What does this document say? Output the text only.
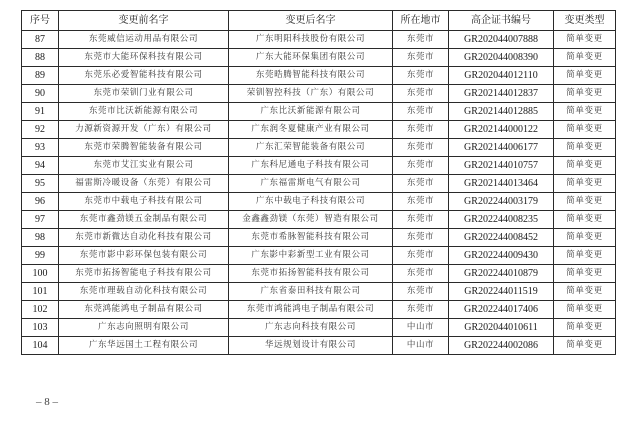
序号	变更前名字	变更后名字	所在地市	高企证书编号	变更类型
87	东莞威信运动用品有限公司	广东明阳科技股份有限公司	东莞市	GR202044007888	简单变更
88	东莞市大能环保科技有限公司	广东大能环保集团有限公司	东莞市	GR202044008390	简单变更
89	东莞乐必爱智能科技有限公司	东莞晧腾智能科技有限公司	东莞市	GR202044012110	简单变更
90	东莞市荣钏门业有限公司	荣钏智控科技（广东）有限公司	东莞市	GR202144012837	简单变更
91	东莞市比沃新能源有限公司	广东比沃新能源有限公司	东莞市	GR202144012885	简单变更
92	力源新资源开发（广东）有限公司	广东润冬夏健康产业有限公司	东莞市	GR202144000122	简单变更
93	东莞市荣腾智能装备有限公司	广东汇荣智能装备有限公司	东莞市	GR202144006177	简单变更
94	东莞市艾江实业有限公司	广东科尼通电子科技有限公司	东莞市	GR202144010757	简单变更
95	福雷斯冷暖设备（东莞）有限公司	广东福雷斯电气有限公司	东莞市	GR202144013464	简单变更
96	东莞市中载电子科技有限公司	广东中载电子科技有限公司	东莞市	GR202244003179	简单变更
97	东莞市鑫劲镁五金制品有限公司	金鑫鑫劲镁（东莞）智造有限公司	东莞市	GR202244008235	简单变更
98	东莞市新微达自动化科技有限公司	东莞市希脉智能科技有限公司	东莞市	GR202244008452	简单变更
99	东莞市影中彩环保包装有限公司	广东影中彩新型工业有限公司	东莞市	GR202244009430	简单变更
100	东莞市拓扬智能电子科技有限公司	东莞市拓扬智能科技有限公司	东莞市	GR202244010879	简单变更
101	东莞市理载自动化科技有限公司	广东省泰田科技有限公司	东莞市	GR202244011519	简单变更
102	东莞鸿能鸿电子制品有限公司	东莞市鸿能鸿电子制品有限公司	东莞市	GR202244017406	简单变更
103	广东志向照明有限公司	广东志向科技有限公司	中山市	GR202044010611	简单变更
104	广东华远国土工程有限公司	华远规划设计有限公司	中山市	GR202244002086	简单变更
– 8 –
